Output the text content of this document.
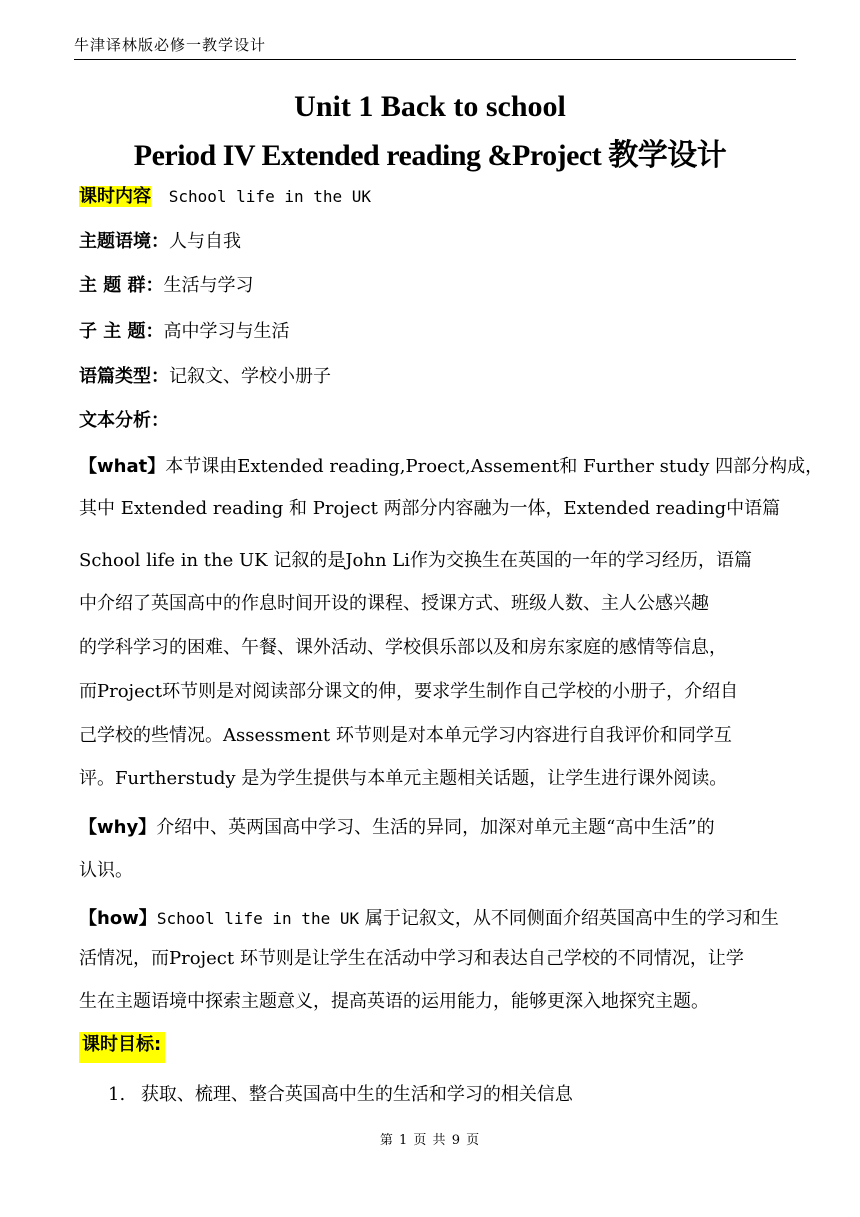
牛津译林版必修一教学设计
Unit 1 Back to school
Period IV Extended reading &Project 教学设计
课时内容 School life in the UK
主题语境：人与自我
主 题 群：生活与学习
子 主 题：高中学习与生活
语篇类型：记叙文、学校小册子
文本分析：
【what】本节课由Extended reading,Proect,Assement和 Further study 四部分构成，
其中 Extended reading 和 Project 两部分内容融为一体，Extended reading中语篇
School life in the UK 记叙的是John Li作为交换生在英国的一年的学习经历，语篇
中介绍了英国高中的作息时间开设的课程、授课方式、班级人数、主人公感兴趣
的学科学习的困难、午餐、课外活动、学校俱乐部以及和房东家庭的感情等信息，
而Project环节则是对阅读部分课文的伸，要求学生制作自己学校的小册子，介绍自
己学校的些情况。Assessment 环节则是对本单元学习内容进行自我评价和同学互
评。Furtherstudy 是为学生提供与本单元主题相关话题，让学生进行课外阅读。
【why】介绍中、英两国高中学习、生活的异同，加深对单元主题“高中生活”的
认识。
【how】School life in the UK 属于记叙文，从不同侧面介绍英国高中生的学习和生
活情况，而Project 环节则是让学生在活动中学习和表达自己学校的不同情况，让学
生在主题语境中探索主题意义，提高英语的运用能力，能够更深入地探究主题。
课时目标:
1. 获取、梳理、整合英国高中生的生活和学习的相关信息
第 1 页 共 9 页
